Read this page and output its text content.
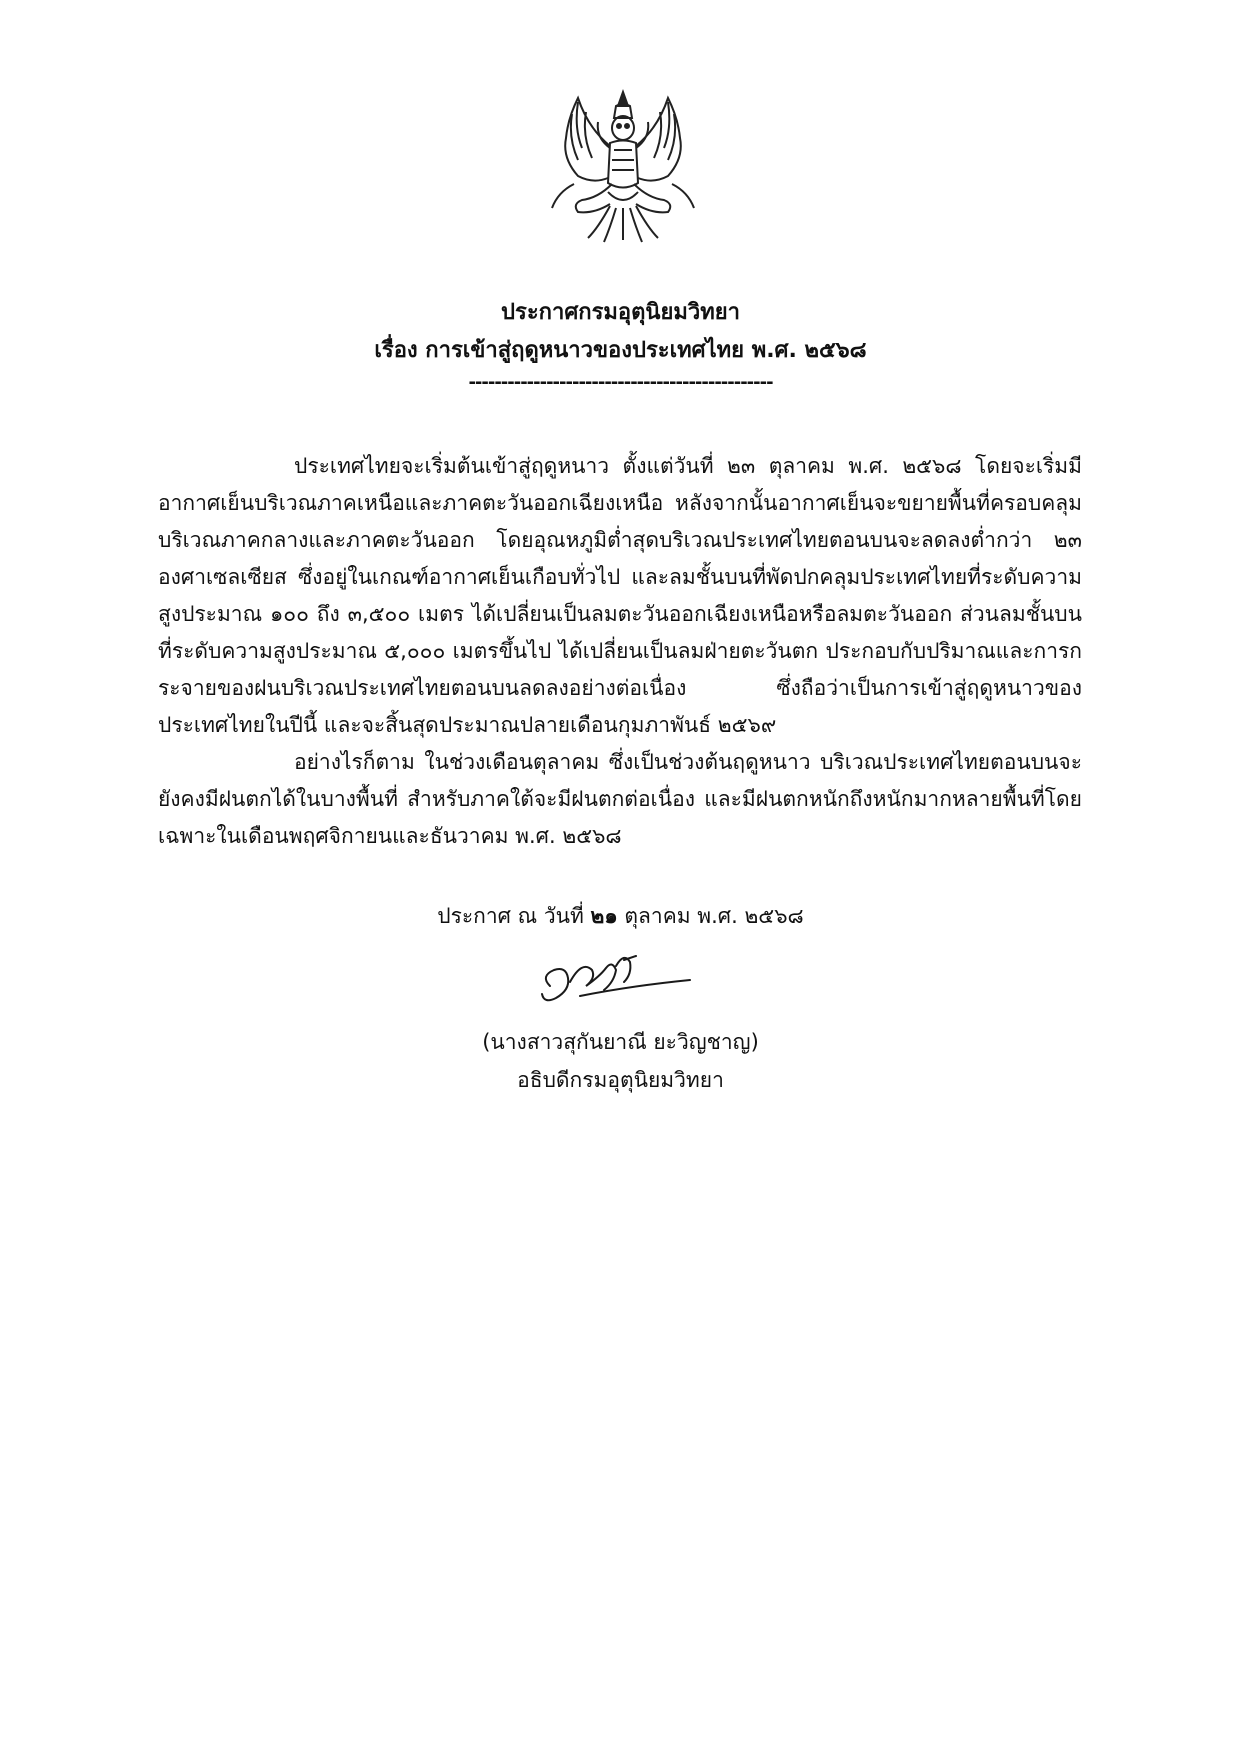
ประกาศกรมอุตุนิยมวิทยา
เรื่อง การเข้าสู่ฤดูหนาวของประเทศไทย พ.ศ. ๒๕๖๘
-----------------------------------------------

ประเทศไทยจะเริ่มต้นเข้าสู่ฤดูหนาว ตั้งแต่วันที่ ๒๓ ตุลาคม พ.ศ. ๒๕๖๘ โดยจะเริ่มมีอากาศเย็นบริเวณภาคเหนือและภาคตะวันออกเฉียงเหนือ หลังจากนั้นอากาศเย็นจะขยายพื้นที่ครอบคลุมบริเวณภาคกลางและภาคตะวันออก โดยอุณหภูมิต่ำสุดบริเวณประเทศไทยตอนบนจะลดลงต่ำกว่า ๒๓ องศาเซลเซียส ซึ่งอยู่ในเกณฑ์อากาศเย็นเกือบทั่วไป และลมชั้นบนที่พัดปกคลุมประเทศไทยที่ระดับความสูงประมาณ ๑๐๐ ถึง ๓,๕๐๐ เมตร ได้เปลี่ยนเป็นลมตะวันออกเฉียงเหนือหรือลมตะวันออก ส่วนลมชั้นบนที่ระดับความสูงประมาณ ๕,๐๐๐ เมตรขึ้นไป ได้เปลี่ยนเป็นลมฝ่ายตะวันตก ประกอบกับปริมาณและการกระจายของฝนบริเวณประเทศไทยตอนบนลดลงอย่างต่อเนื่อง ซึ่งถือว่าเป็นการเข้าสู่ฤดูหนาวของประเทศไทยในปีนี้ และจะสิ้นสุดประมาณปลายเดือนกุมภาพันธ์ ๒๕๖๙

อย่างไรก็ตาม ในช่วงเดือนตุลาคม ซึ่งเป็นช่วงต้นฤดูหนาว บริเวณประเทศไทยตอนบนจะยังคงมีฝนตกได้ในบางพื้นที่ สำหรับภาคใต้จะมีฝนตกต่อเนื่อง และมีฝนตกหนักถึงหนักมากหลายพื้นที่โดยเฉพาะในเดือนพฤศจิกายนและธันวาคม พ.ศ. ๒๕๖๘

ประกาศ ณ วันที่ ๒๑ ตุลาคม พ.ศ. ๒๕๖๘
(นางสาวสุกันยาณี ยะวิญชาญ)
อธิบดีกรมอุตุนิยมวิทยา
